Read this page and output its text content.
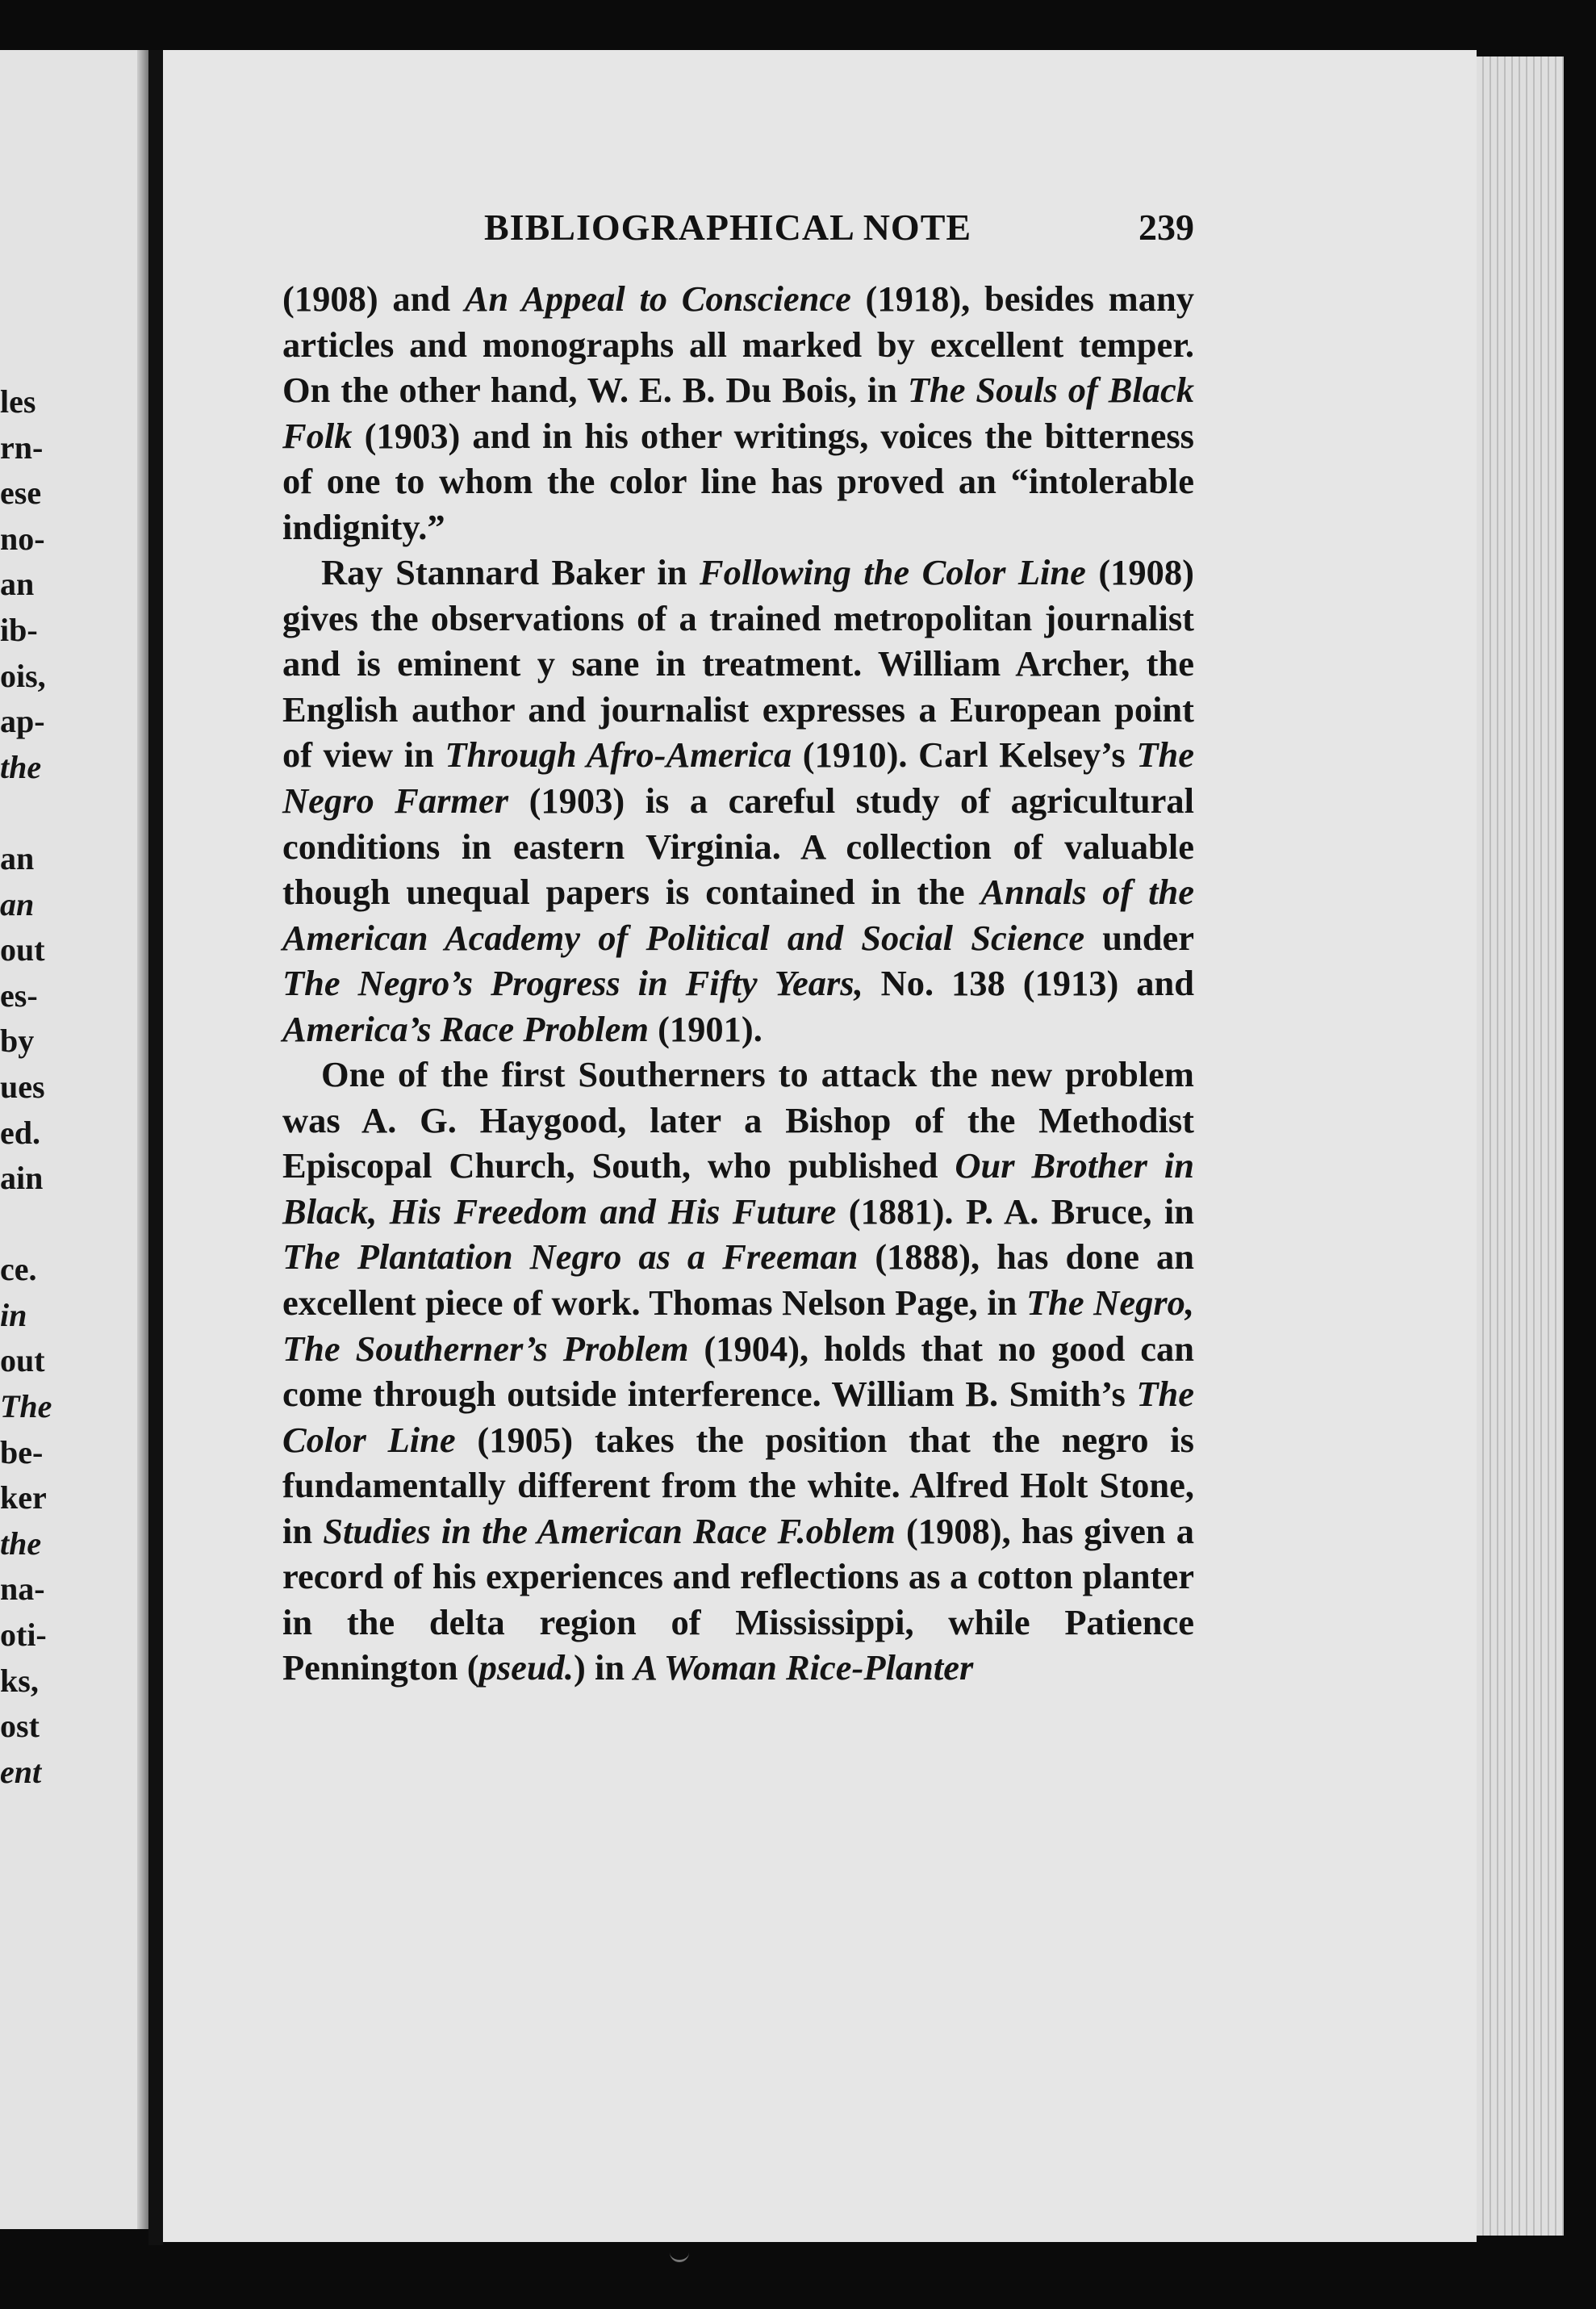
les
rn-
ese
no-
an
ib-
ois,
ap-
the
an
an
out
es-
by
ues
ed.
ain
ce.
in
out
The
be-
ker
the
na-
oti-
ks,
ost
ent
BIBLIOGRAPHICAL NOTE	239

(1908) and An Appeal to Conscience (1918), besides many articles and monographs all marked by excellent temper. On the other hand, W. E. B. Du Bois, in The Souls of Black Folk (1903) and in his other writings, voices the bitterness of one to whom the color line has proved an “intolerable indignity.”

Ray Stannard Baker in Following the Color Line (1908) gives the observations of a trained metropolitan journalist and is eminent y sane in treatment. William Archer, the English author and journalist expresses a European point of view in Through Afro-America (1910). Carl Kelsey’s The Negro Farmer (1903) is a careful study of agricultural conditions in eastern Virginia. A collection of valuable though unequal papers is contained in the Annals of the American Academy of Political and Social Science under The Negro’s Progress in Fifty Years, No. 138 (1913) and America’s Race Problem (1901).

One of the first Southerners to attack the new problem was A. G. Haygood, later a Bishop of the Methodist Episcopal Church, South, who published Our Brother in Black, His Freedom and His Future (1881). P. A. Bruce, in The Plantation Negro as a Freeman (1888), has done an excellent piece of work. Thomas Nelson Page, in The Negro, The Southerner’s Problem (1904), holds that no good can come through outside interference. William B. Smith’s The Color Line (1905) takes the position that the negro is fundamentally different from the white. Alfred Holt Stone, in Studies in the American Race F.oblem (1908), has given a record of his experiences and reflections as a cotton planter in the delta region of Mississippi, while Patience Pennington (pseud.) in A Woman Rice-Planter
